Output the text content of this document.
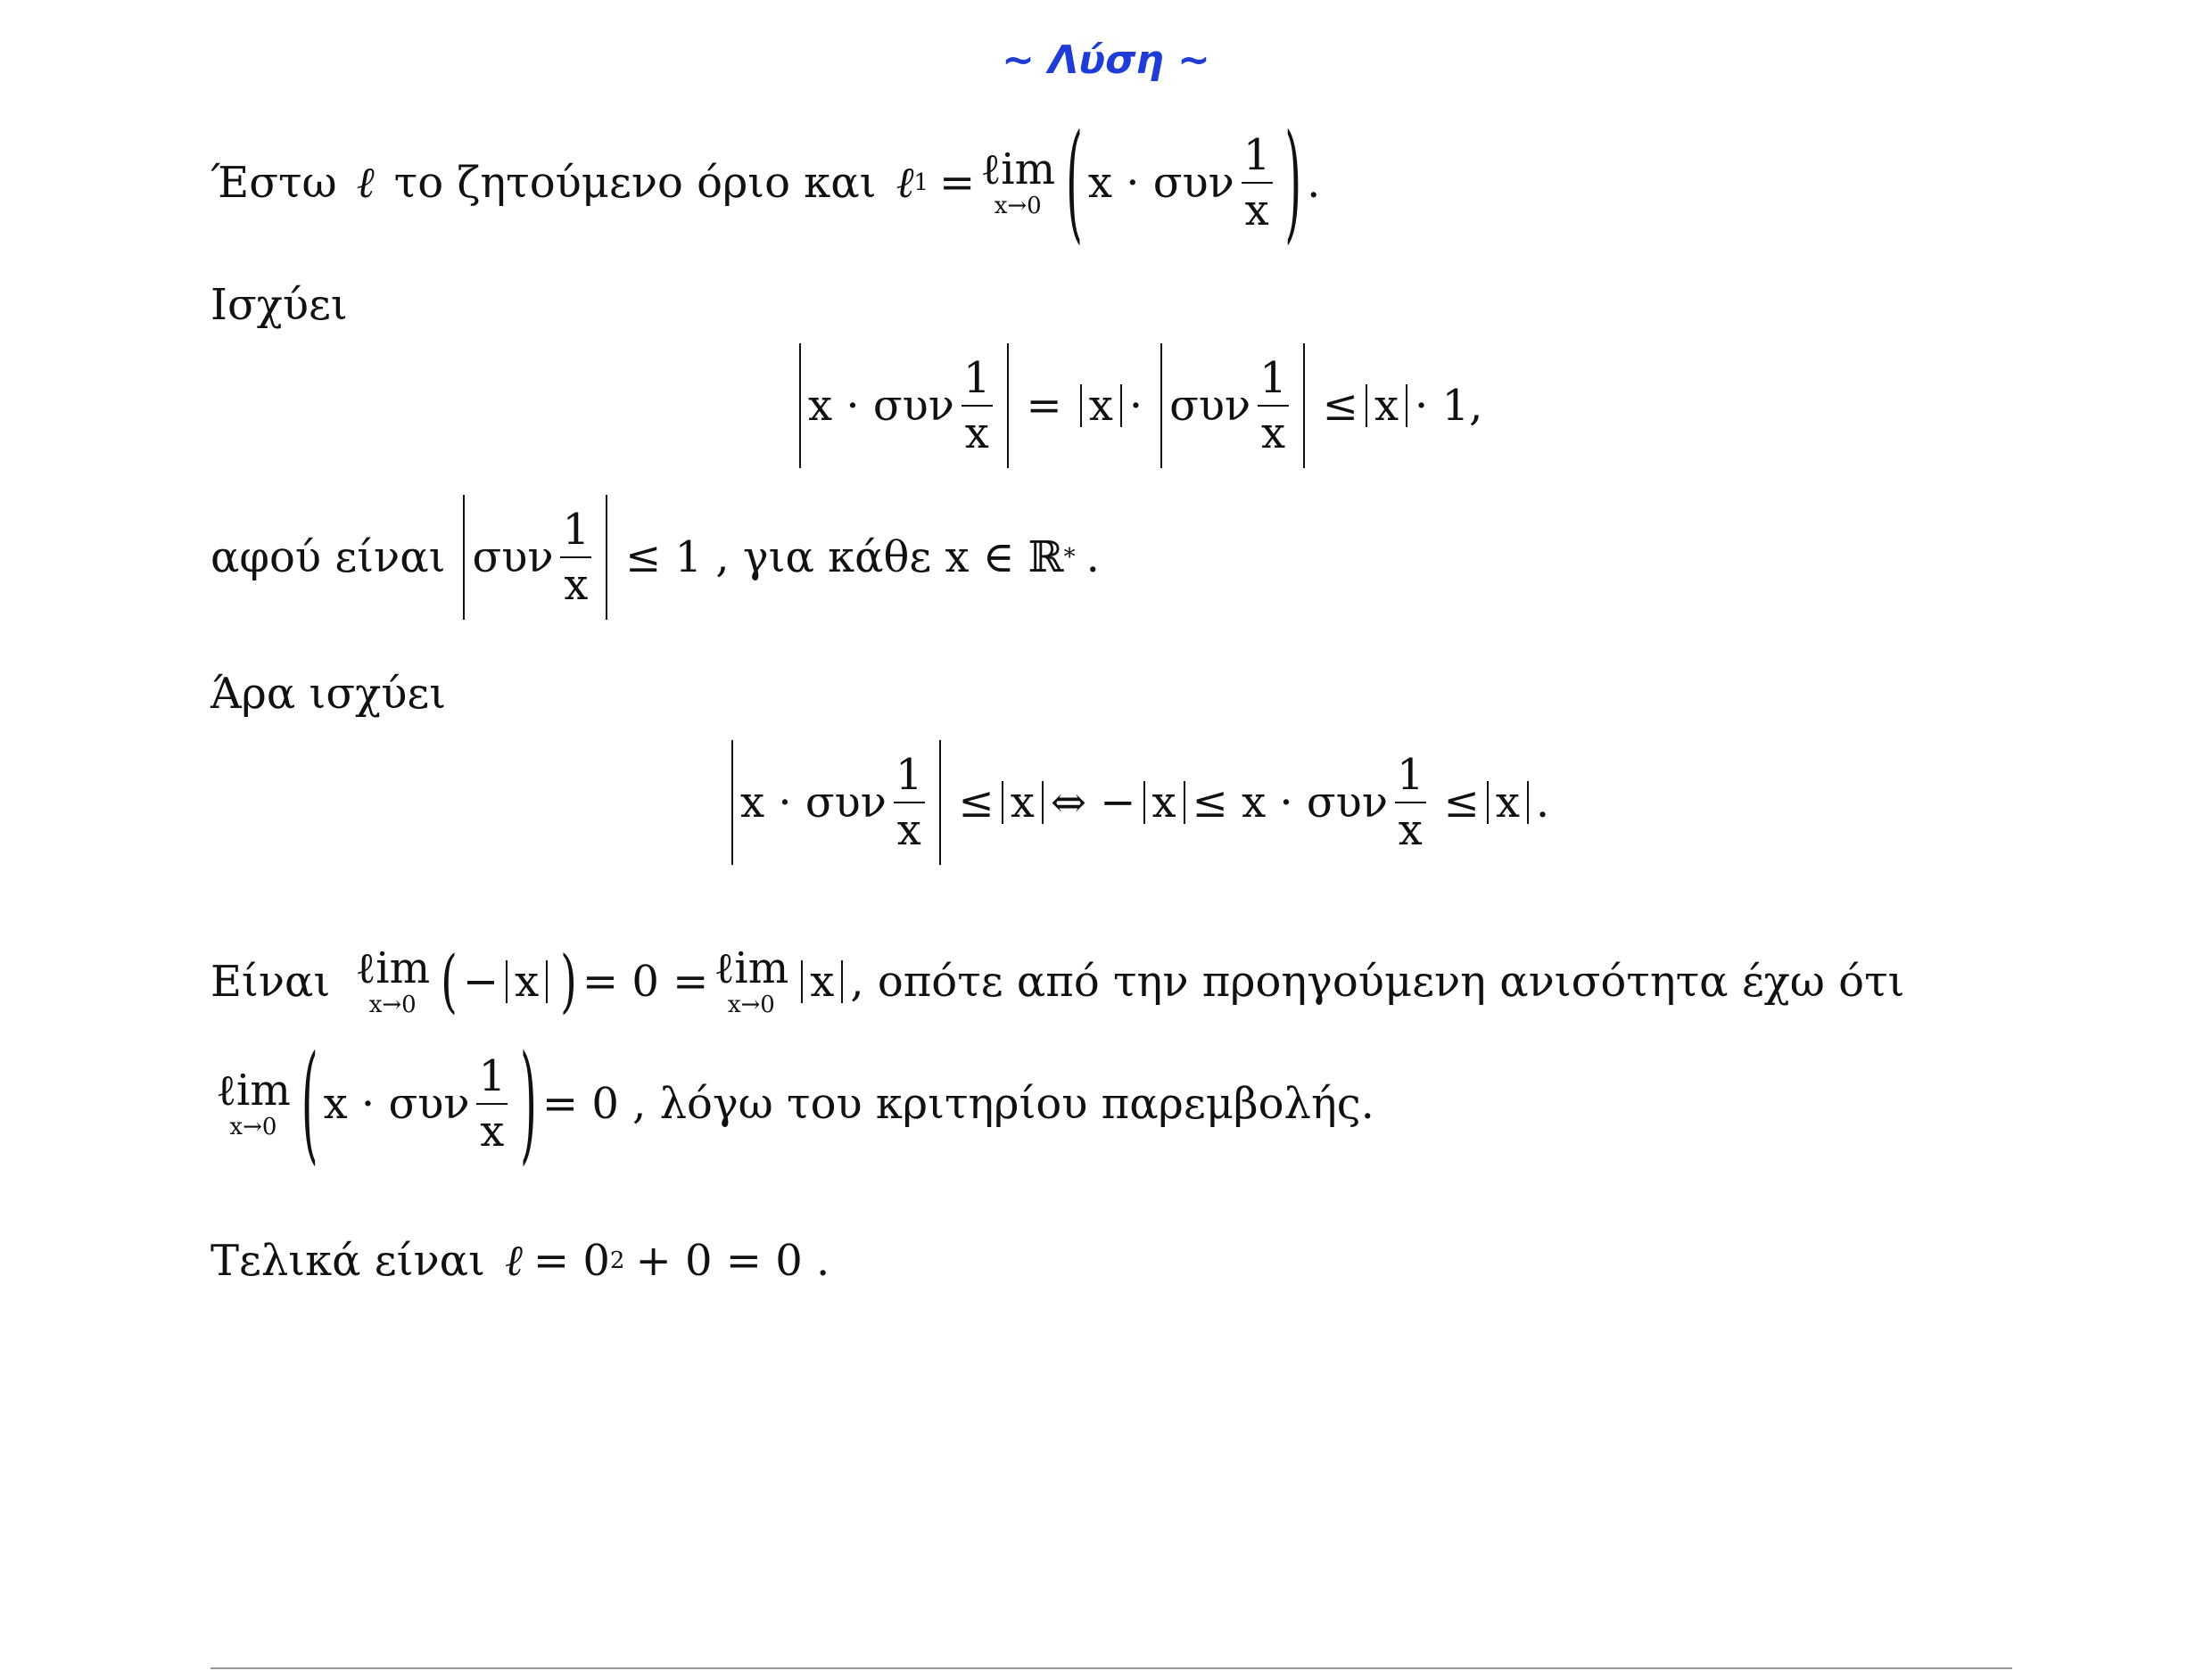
~ Λύση ~
Έστω ℓ το ζητούμενο όριο και ℓ 1 = ℓim
x→0 ( x · συν $\frac{1}{x}$ ) .
Ισχύει
x · συν $\frac{1}{x} = x \cdot \sigma\upsilon\nu \frac{1}{x} \le x \cdot 1$,
αφού είναι συν $\frac{1}{x} \le 1$ , για κάθε x ∈ ℝ * .
Άρα ισχύει
x · συν $\frac{1}{x} \le x$ ⇔ − x ≤ x · συν $\frac{1}{x} \le x$ .
Είναι ℓim
x→0 ( − x ) = 0 = ℓim
x→0 x , οπότε από την προηγούμενη ανισότητα έχω ότι
ℓim
x→0 ( x · συν $\frac{1}{x}$ ) = 0 , λόγω του κριτηρίου παρεμβολής.
Τελικά είναι ℓ = 0 2 + 0 = 0 .
